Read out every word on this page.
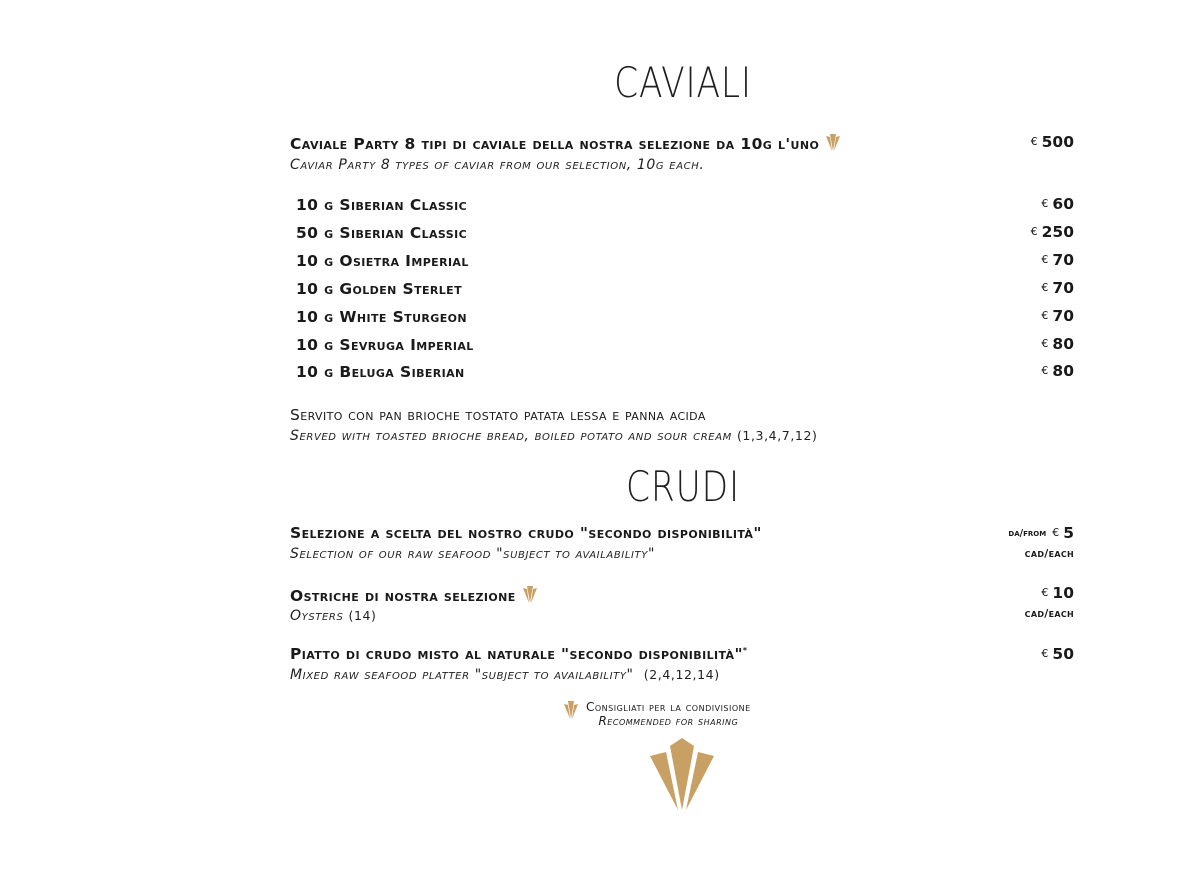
CAVIALI
Caviale Party 8 tipi di caviale della nostra selezione da 10g l'uno
Caviar Party 8 types of caviar from our selection, 10g each.
€ 500
10 g Siberian Classic	€ 60
50 g Siberian Classic	€ 250
10 g Osietra Imperial	€ 70
10 g Golden Sterlet	€ 70
10 g White Sturgeon	€ 70
10 g Sevruga Imperial	€ 80
10 g Beluga Siberian	€ 80
Servito con pan brioche tostato patata lessa e panna acida
Served with toasted brioche bread, boiled potato and sour cream (1,3,4,7,12)
CRUDI
Selezione a scelta del nostro crudo "secondo disponibilità"
Selection of our raw seafood "subject to availability"
da/from € 5
cad/each
Ostriche di nostra selezione
Oysters (14)
€ 10
cad/each
Piatto di crudo misto al naturale "secondo disponibilità"*
Mixed raw seafood platter "subject to availability" (2,4,12,14)
€ 50
Consigliati per la condivisione
Recommended for sharing
